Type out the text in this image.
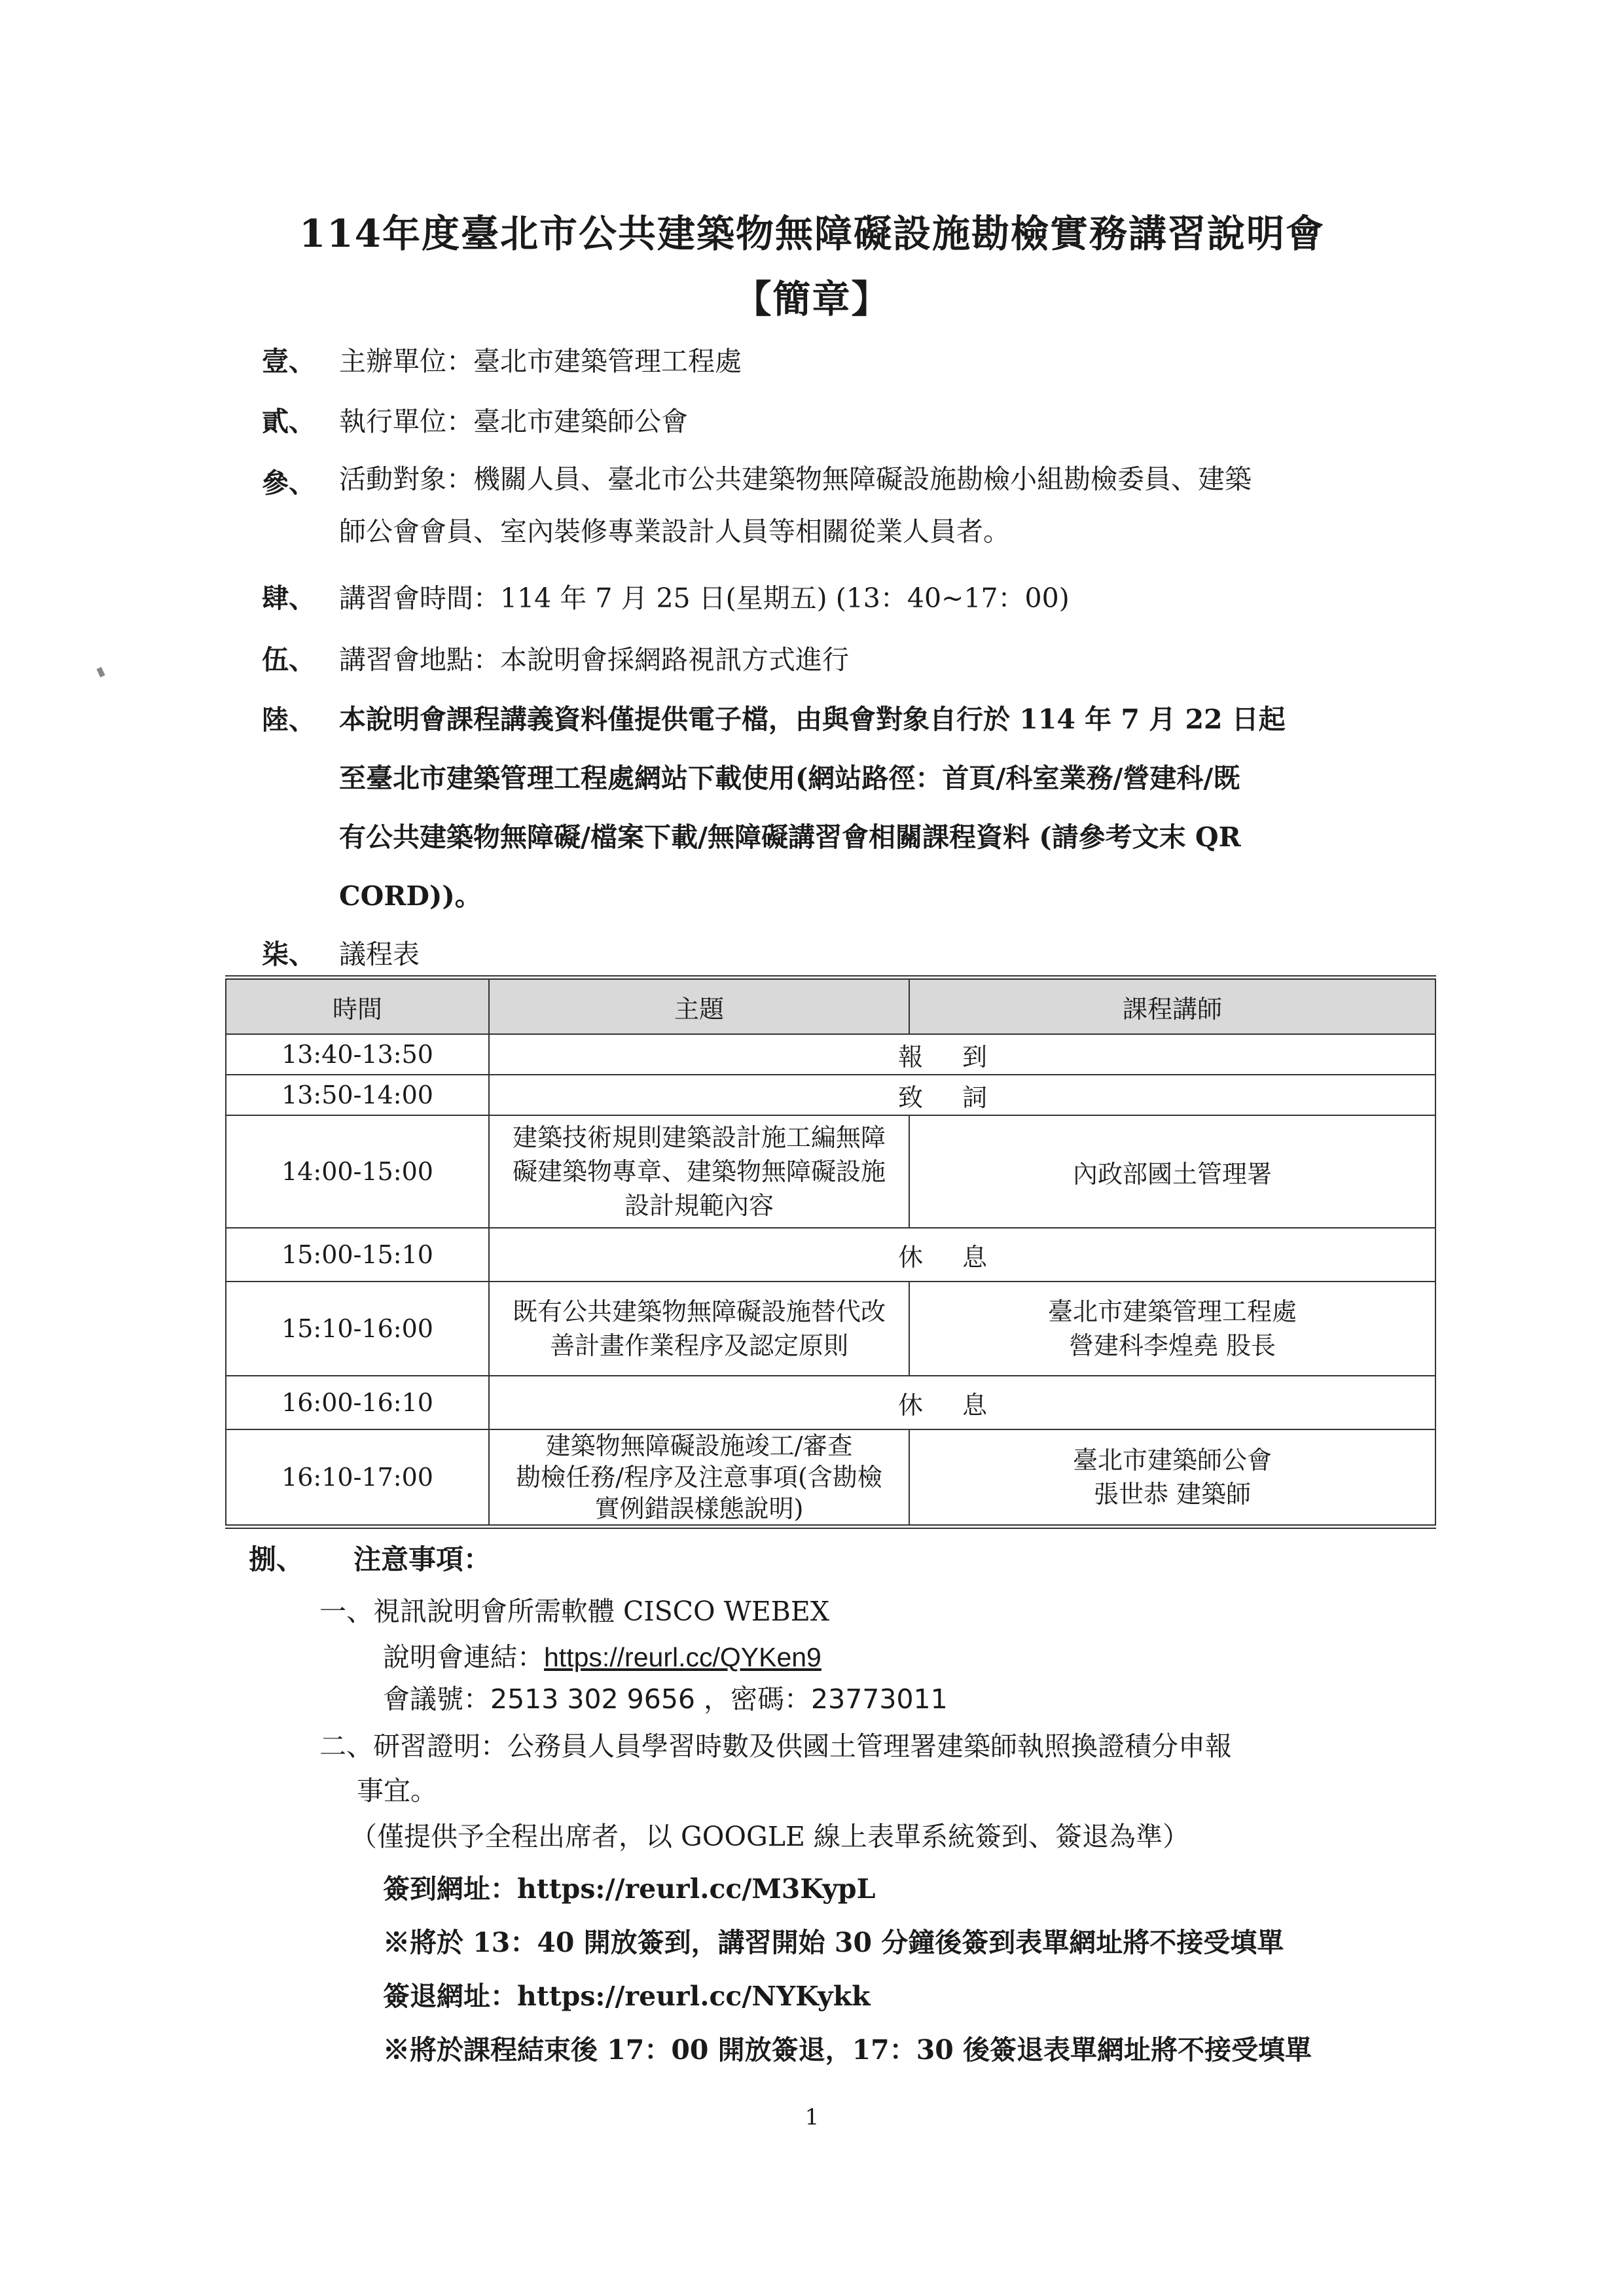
114年度臺北市公共建築物無障礙設施勘檢實務講習說明會
【簡章】
壹、 主辦單位：臺北市建築管理工程處
貳、 執行單位：臺北市建築師公會
參、 活動對象：機關人員、臺北市公共建築物無障礙設施勘檢小組勘檢委員、建築
師公會會員、室內裝修專業設計人員等相關從業人員者。
肆、 講習會時間：114 年 7 月 25 日(星期五) (13：40~17：00)
伍、 講習會地點：本說明會採網路視訊方式進行
陸、 本說明會課程講義資料僅提供電子檔，由與會對象自行於 114 年 7 月 22 日起
至臺北市建築管理工程處網站下載使用(網站路徑：首頁/科室業務/營建科/既
有公共建築物無障礙/檔案下載/無障礙講習會相關課程資料 (請參考文末 QR
CORD))。
柒、 議程表
時間	主題	課程講師
13:40-13:50	報到	
13:50-14:00	致詞	
14:00-15:00	建築技術規則建築設計施工編無障
礙建築物專章、建築物無障礙設施
設計規範內容	內政部國土管理署
15:00-15:10	休息	
15:10-16:00	既有公共建築物無障礙設施替代改
善計畫作業程序及認定原則	臺北市建築管理工程處
營建科李煌堯 股長
16:00-16:10	休息	
16:10-17:00	建築物無障礙設施竣工/審查
勘檢任務/程序及注意事項(含勘檢
實例錯誤樣態說明)	臺北市建築師公會
張世恭 建築師
捌、 注意事項：
一、視訊說明會所需軟體 CISCO WEBEX
說明會連結：https://reurl.cc/QYKen9
會議號：2513 302 9656 ，密碼：23773011
二、研習證明：公務員人員學習時數及供國土管理署建築師執照換證積分申報
事宜。
（僅提供予全程出席者，以 GOOGLE 線上表單系統簽到、簽退為準）
簽到網址：https://reurl.cc/M3KypL
※將於 13：40 開放簽到，講習開始 30 分鐘後簽到表單網址將不接受填單
簽退網址：https://reurl.cc/NYKykk
※將於課程結束後 17：00 開放簽退，17：30 後簽退表單網址將不接受填單
1
